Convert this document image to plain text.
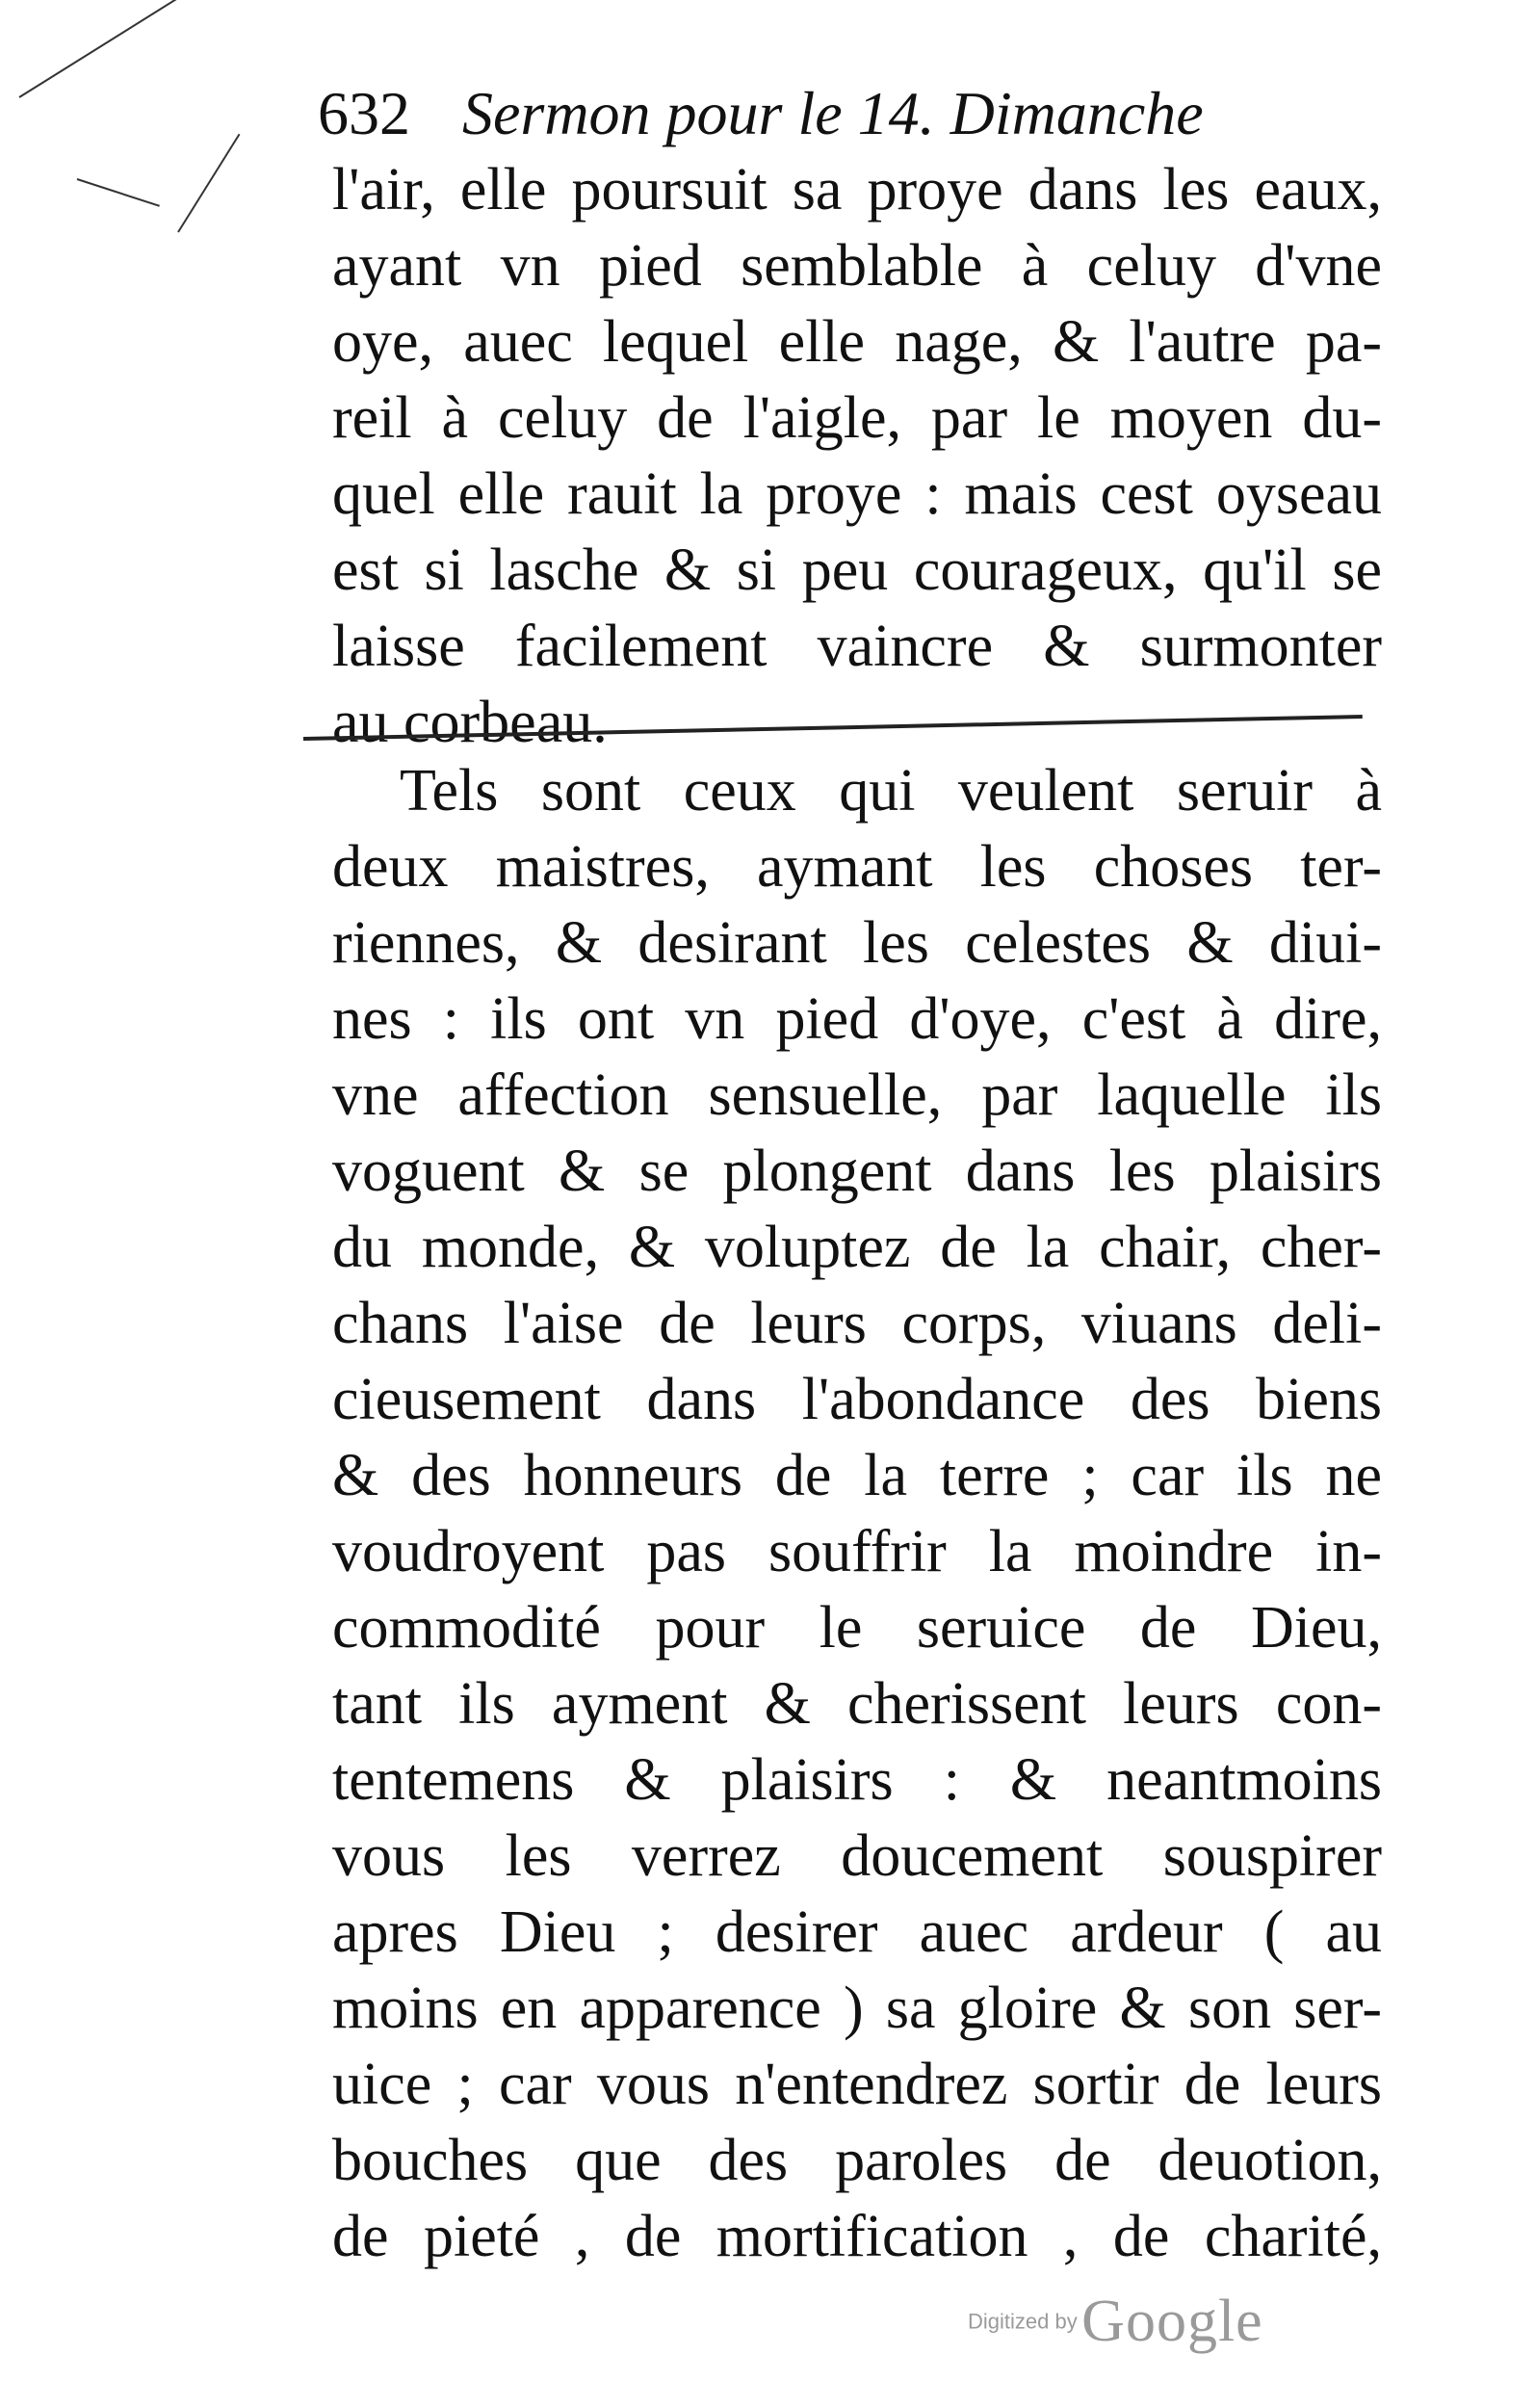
632 Sermon pour le 14. Dimanche
l'air, elle poursuit sa proye dans les eaux,
ayant vn pied semblable à celuy d'vne
oye, auec lequel elle nage, & l'autre pa-
reil à celuy de l'aigle, par le moyen du-
quel elle rauit la proye : mais cest oyseau
est si lasche & si peu courageux, qu'il se
laisse facilement vaincre & surmonter
au corbeau.
Tels sont ceux qui veulent seruir à
deux maistres, aymant les choses ter-
riennes, & desirant les celestes & diui-
nes : ils ont vn pied d'oye, c'est à dire,
vne affection sensuelle, par laquelle ils
voguent & se plongent dans les plaisirs
du monde, & voluptez de la chair, cher-
chans l'aise de leurs corps, viuans deli-
cieusement dans l'abondance des biens
& des honneurs de la terre ; car ils ne
voudroyent pas souffrir la moindre in-
commodité pour le seruice de Dieu,
tant ils ayment & cherissent leurs con-
tentemens & plaisirs : & neantmoins
vous les verrez doucement souspirer
apres Dieu ; desirer auec ardeur ( au
moins en apparence ) sa gloire & son ser-
uice ; car vous n'entendrez sortir de leurs
bouches que des paroles de deuotion,
de pieté , de mortification , de charité,
Digitized by Google
